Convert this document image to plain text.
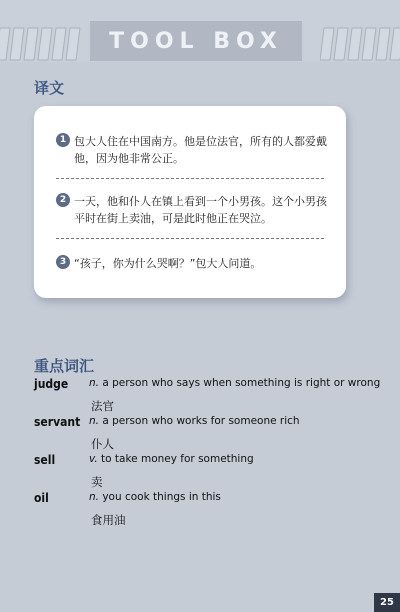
TOOL BOX
译文
1 包大人住在中国南方。他是位法官，所有的人都爱戴他，因为他非常公正。
2 一天，他和仆人在镇上看到一个小男孩。这个小男孩平时在街上卖油，可是此时他正在哭泣。
3 “孩子，你为什么哭啊？”包大人问道。
重点词汇
judge n. a person who says when something is right or wrong
法官
servant n. a person who works for someone rich
仆人
sell	v. to take money for something
卖
oil	n. you cook things in this
食用油
25
